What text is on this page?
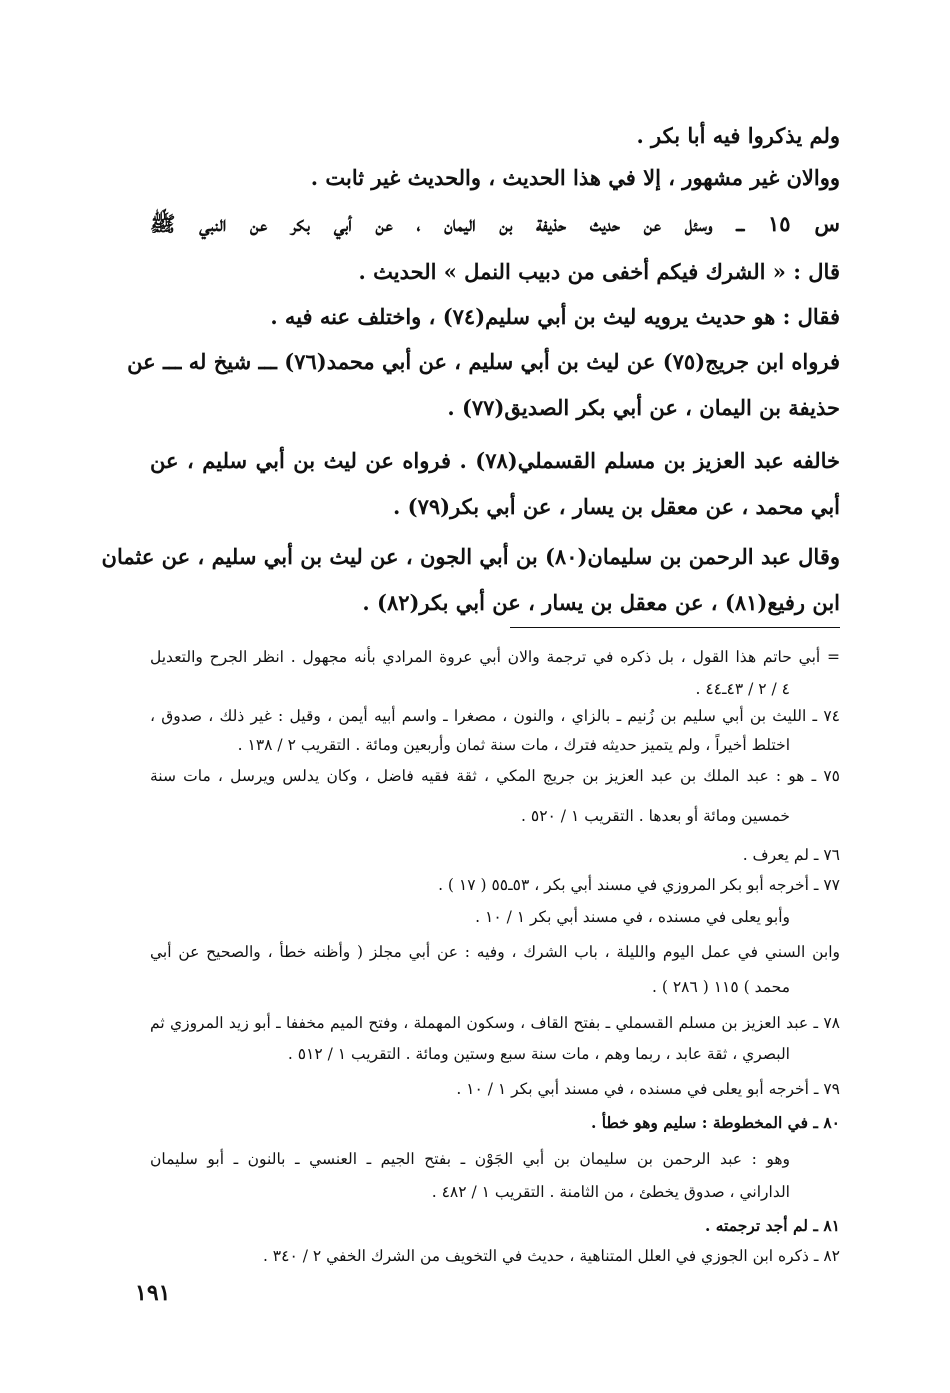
ولم يذكروا فيه أبا بكر .
ووالان غير مشهور ، إلا في هذا الحديث ، والحديث غير ثابت .
س ١٥ ـــ وسئل عن حديث حذيفة بن اليمان ، عن أبي بكر عن النبي ﷺ
قال : « الشرك فيكم أخفى من دبيب النمل » الحديث .
فقال : هو حديث يرويه ليث بن أبي سليم(٧٤) ، واختلف عنه فيه .
فرواه ابن جريج(٧٥) عن ليث بن أبي سليم ، عن أبي محمد(٧٦) ـــ شيخ له ـــ عن
حذيفة بن اليمان ، عن أبي بكر الصديق(٧٧) .
خالفه عبد العزيز بن مسلم القسملي(٧٨) . فرواه عن ليث بن أبي سليم ، عن
أبي محمد ، عن معقل بن يسار ، عن أبي بكر(٧٩) .
وقال عبد الرحمن بن سليمان(٨٠) بن أبي الجون ، عن ليث بن أبي سليم ، عن عثمان
ابن رفيع(٨١) ، عن معقل بن يسار ، عن أبي بكر(٨٢) .
= أبي حاتم هذا القول ، بل ذكره في ترجمة والان أبي عروة المرادي بأنه مجهول . انظر الجرح والتعديل
٤ / ٢ / ٤٣ـ٤٤ .
٧٤ ـ الليث بن أبي سليم بن زُنيم ـ بالزاي ، والنون ، مصغرا ـ واسم أبيه أيمن ، وقيل : غير ذلك ، صدوق ،
اختلط أخيراً ، ولم يتميز حديثه فترك ، مات سنة ثمان وأربعين ومائة . التقريب ٢ / ١٣٨ .
٧٥ ـ هو : عبد الملك بن عبد العزيز بن جريج المكي ، ثقة فقيه فاضل ، وكان يدلس ويرسل ، مات سنة
خمسين ومائة أو بعدها . التقريب ١ / ٥٢٠ .
٧٦ ـ لم يعرف .
٧٧ ـ أخرجه أبو بكر المروزي في مسند أبي بكر ، ٥٣ـ٥٥ ( ١٧ ) .
وأبو يعلى في مسنده ، في مسند أبي بكر ١ / ١٠ .
وابن السني في عمل اليوم والليلة ، باب الشرك ، وفيه : عن أبي مجلز ( وأظنه خطأ ، والصحيح عن أبي
محمد ) ١١٥ ( ٢٨٦ ) .
٧٨ ـ عبد العزيز بن مسلم القسملي ـ بفتح القاف ، وسكون المهملة ، وفتح الميم مخففا ـ أبو زيد المروزي ثم
البصري ، ثقة عابد ، ربما وهم ، مات سنة سبع وستين ومائة . التقريب ١ / ٥١٢ .
٧٩ ـ أخرجه أبو يعلى في مسنده ، في مسند أبي بكر ١ / ١٠ .
٨٠ ـ في المخطوطة : سليم وهو خطأ .
وهو : عبد الرحمن بن سليمان بن أبي الجَوْن ـ بفتح الجيم ـ العنسي ـ بالنون ـ أبو سليمان
الداراني ، صدوق يخطئ ، من الثامنة . التقريب ١ / ٤٨٢ .
٨١ ـ لم أجد ترجمته .
٨٢ ـ ذكره ابن الجوزي في العلل المتناهية ، حديث في التخويف من الشرك الخفي ٢ / ٣٤٠ .
١٩١
